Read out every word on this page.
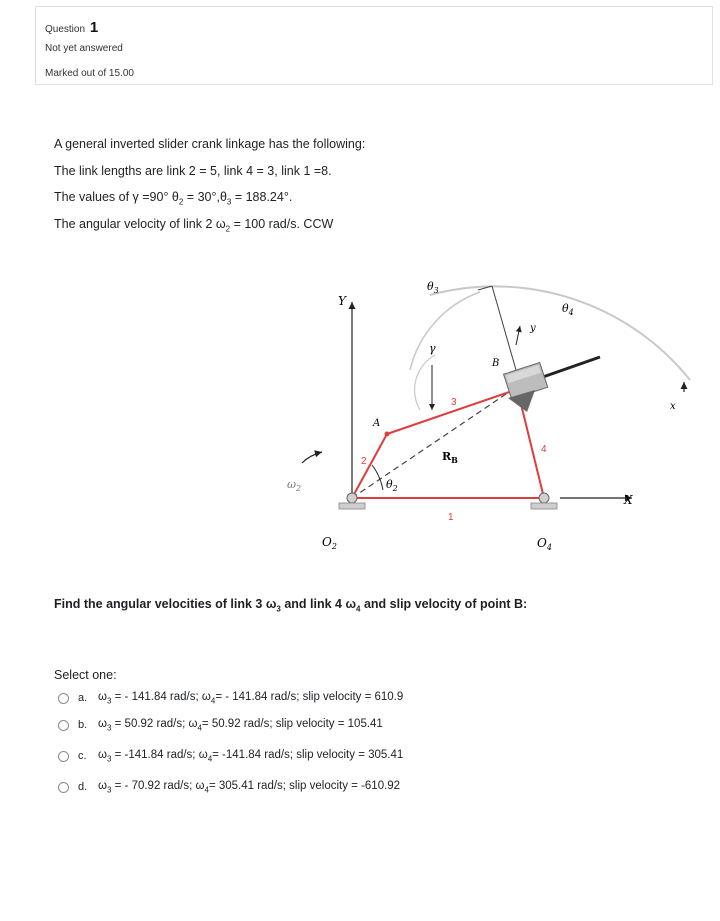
Question 1
Not yet answered
Marked out of 15.00
A general inverted slider crank linkage has the following:
The link lengths are link 2 = 5, link 4 = 3, link 1 =8.
The values of γ =90° $\theta_2 = 30^\circ,\theta_3 = 188.24^\circ$.
The angular velocity of link 2 $\omega_2 = 100$ rad/s. CCW
$\theta_3$
$\theta_4$
Y
γ
B
y
x
A
3
2
4
1
$R_B$
$\omega_2$	$\theta_2$
X
$O_2$	$O_4$
Find the angular velocities of link 3 $\omega_3$ and link 4 $\omega_4$ and slip velocity of point B:
Select one:
a. $\omega_3$ = - 141.84 rad/s; $\omega_4= - 141.84$ rad/s; slip velocity = 610.9
b. $\omega_3 = 50.92$ rad/s; $\omega_4= 50.92$ rad/s; slip velocity = 105.41
c. $\omega_3 = -141.84$ rad/s; $\omega_4= -141.84$ rad/s; slip velocity = 305.41
d. $\omega_3$ = - 70.92 rad/s; $\omega_4= 305.41$ rad/s; slip velocity = -610.92
